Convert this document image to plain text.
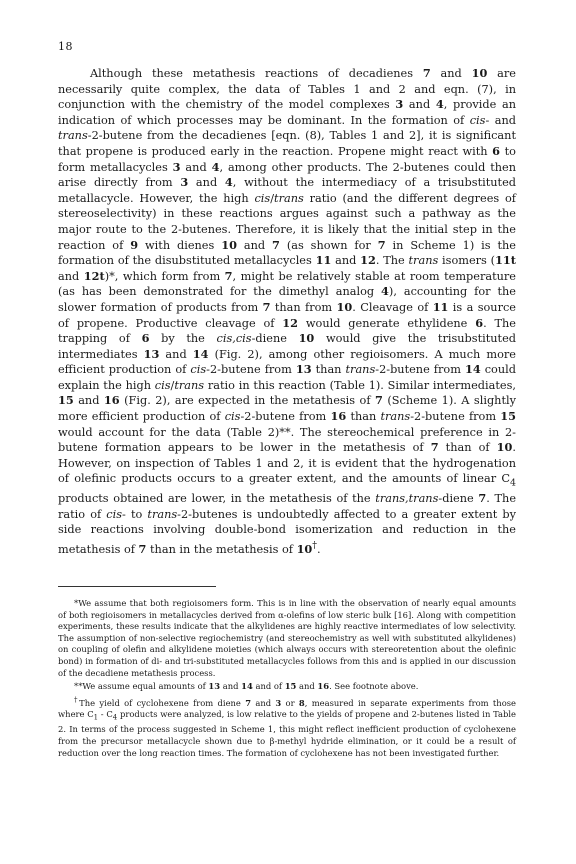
18

Although these metathesis reactions of decadienes 7 and 10 are necessarily quite complex, the data of Tables 1 and 2 and eqn. (7), in conjunction with the chemistry of the model complexes 3 and 4, provide an indication of which processes may be dominant. In the formation of cis- and trans-2-butene from the decadienes [eqn. (8), Tables 1 and 2], it is significant that propene is produced early in the reaction. Propene might react with 6 to form metallacycles 3 and 4, among other products. The 2-butenes could then arise directly from 3 and 4, without the intermediacy of a trisubstituted metallacycle. However, the high cis/trans ratio (and the different degrees of stereoselectivity) in these reactions argues against such a pathway as the major route to the 2-butenes. Therefore, it is likely that the initial step in the reaction of 9 with dienes 10 and 7 (as shown for 7 in Scheme 1) is the formation of the disubstituted metallacycles 11 and 12. The trans isomers (11t and 12t)*, which form from 7, might be relatively stable at room temperature (as has been demonstrated for the dimethyl analog 4), accounting for the slower formation of products from 7 than from 10. Cleavage of 11 is a source of propene. Productive cleavage of 12 would generate ethylidene 6. The trapping of 6 by the cis,cis-diene 10 would give the trisubstituted intermediates 13 and 14 (Fig. 2), among other regioisomers. A much more efficient production of cis-2-butene from 13 than trans-2-butene from 14 could explain the high cis/trans ratio in this reaction (Table 1). Similar intermediates, 15 and 16 (Fig. 2), are expected in the metathesis of 7 (Scheme 1). A slightly more efficient production of cis-2-butene from 16 than trans-2-butene from 15 would account for the data (Table 2)**. The stereochemical preference in 2-butene formation appears to be lower in the metathesis of 7 than of 10. However, on inspection of Tables 1 and 2, it is evident that the hydrogenation of olefinic products occurs to a greater extent, and the amounts of linear $C_4$ products obtained are lower, in the metathesis of the trans,trans-diene 7. The ratio of cis- to trans-2-butenes is undoubtedly affected to a greater extent by side reactions involving double-bond isomerization and reduction in the metathesis of 7 than in the metathesis of 10†.

*We assume that both regioisomers form. This is in line with the observation of nearly equal amounts of both regioisomers in metallacycles derived from α-olefins of low steric bulk [16]. Along with competition experiments, these results indicate that the alkylidenes are highly reactive intermediates of low selectivity. The assumption of non-selective regiochemistry (and stereochemistry as well with substituted alkylidenes) on coupling of olefin and alkylidene moieties (which always occurs with stereoretention about the olefinic bond) in formation of di- and tri-substituted metallacycles follows from this and is applied in our discussion of the decadiene metathesis process.

**We assume equal amounts of 13 and 14 and of 15 and 16. See footnote above.

†The yield of cyclohexene from diene 7 and 3 or 8, measured in separate experiments from those where $C_1 - C_4$ products were analyzed, is low relative to the yields of propene and 2-butenes listed in Table 2. In terms of the process suggested in Scheme 1, this might reflect inefficient production of cyclohexene from the precursor metallacycle shown due to β-methyl hydride elimination, or it could be a result of reduction over the long reaction times. The formation of cyclohexene has not been investigated further.
